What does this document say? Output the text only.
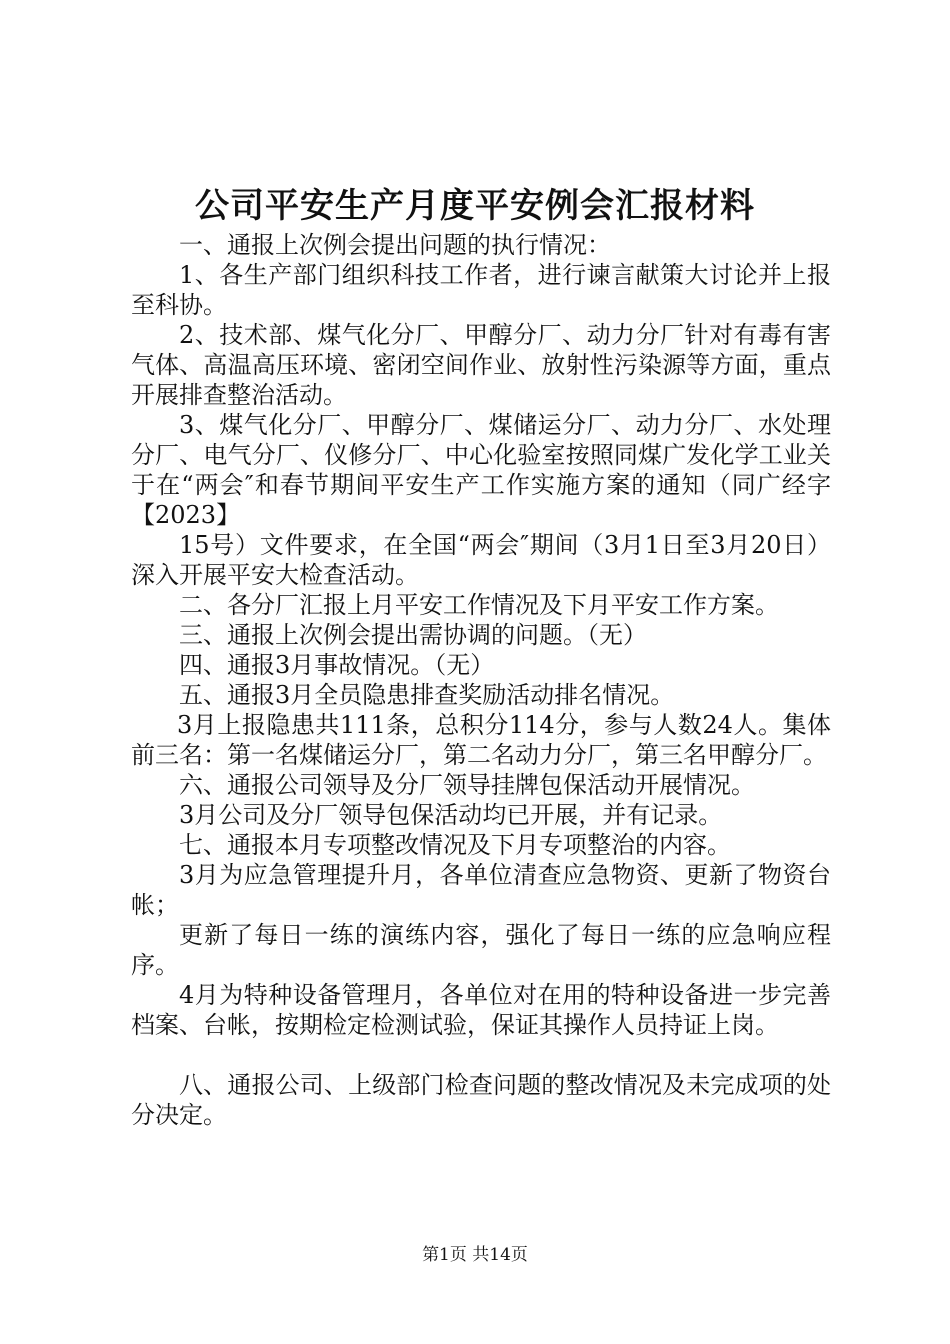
公司平安生产月度平安例会汇报材料

一、通报上次例会提出问题的执行情况：

1、各生产部门组织科技工作者，进行谏言献策大讨论并上报至科协。

2、技术部、煤气化分厂、甲醇分厂、动力分厂针对有毒有害气体、高温高压环境、密闭空间作业、放射性污染源等方面，重点开展排查整治活动。

3、煤气化分厂、甲醇分厂、煤储运分厂、动力分厂、水处理分厂、电气分厂、仪修分厂、中心化验室按照同煤广发化学工业关于在“两会″和春节期间平安生产工作实施方案的通知（同广经字【2023】

15号）文件要求，在全国“两会″期间（3月1日至3月20日）深入开展平安大检查活动。

二、各分厂汇报上月平安工作情况及下月平安工作方案。

三、通报上次例会提出需协调的问题。（无）

四、通报3月事故情况。（无）

五、通报3月全员隐患排查奖励活动排名情况。

3月上报隐患共111条，总积分114分，参与人数24人。集体前三名：第一名煤储运分厂，第二名动力分厂，第三名甲醇分厂。

六、通报公司领导及分厂领导挂牌包保活动开展情况。

3月公司及分厂领导包保活动均已开展，并有记录。

七、通报本月专项整改情况及下月专项整治的内容。

3月为应急管理提升月，各单位清查应急物资、更新了物资台帐；

更新了每日一练的演练内容，强化了每日一练的应急响应程序。

4月为特种设备管理月，各单位对在用的特种设备进一步完善档案、台帐，按期检定检测试验，保证其操作人员持证上岗。

八、通报公司、上级部门检查问题的整改情况及未完成项的处分决定。

第1页 共14页
